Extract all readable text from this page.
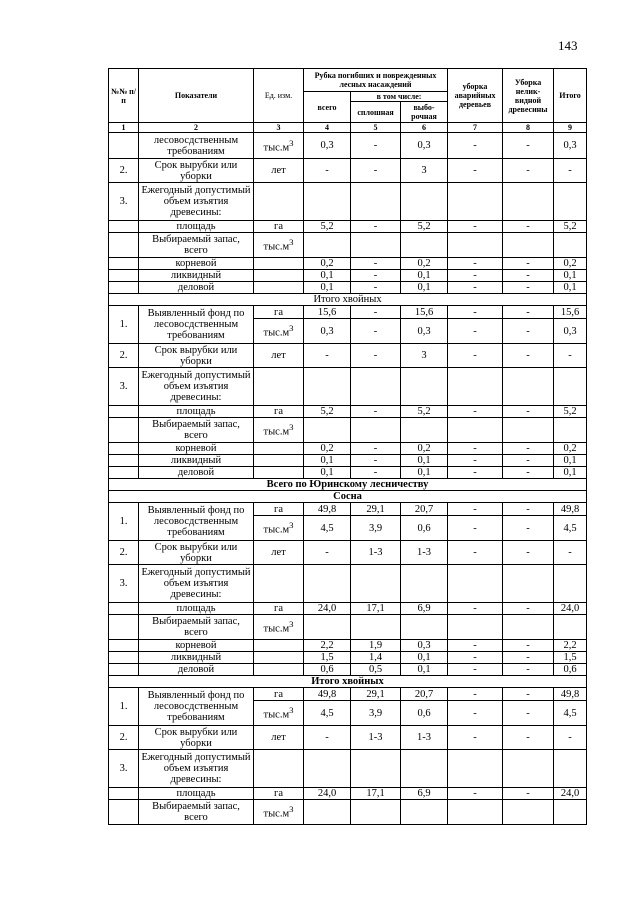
143
№№ п/п	Показатели	Ед. изм.	Рубка погибших и поврежденных лесных насаждений			уборка аварийных деревьев	Уборка нелик- видной древесины	Итого
			всего	в том числе:				
				сплошная	выбо- рочная			
1	2	3	4	5	6	7	8	9
	лесовосдственным требованиям	$тыс.м^3$	0,3	-	0,3	-	-	0,3
2.	Срок вырубки или уборки	лет	-	-	3	-	-	-
3.	Ежегодный допустимый объем изъятия древесины:							
	площадь	га	5,2	-	5,2	-	-	5,2
	Выбираемый запас, всего	$тыс.м^3$						
	корневой		0,2	-	0,2	-	-	0,2
	ликвидный		0,1	-	0,1	-	-	0,1
	деловой		0,1	-	0,1	-	-	0,1
Итого хвойных								
1.	Выявленный фонд по лесовосдственным требованиям	га	15,6	-	15,6	-	-	15,6
		$тыс.м^3$	0,3	-	0,3	-	-	0,3
2.	Срок вырубки или уборки	лет	-	-	3	-	-	-
3.	Ежегодный допустимый объем изъятия древесины:							
	площадь	га	5,2	-	5,2	-	-	5,2
	Выбираемый запас, всего	$тыс.м^3$						
	корневой		0,2	-	0,2	-	-	0,2
	ликвидный		0,1	-	0,1	-	-	0,1
	деловой		0,1	-	0,1	-	-	0,1
Всего по Юринскому лесничеству								
Сосна								
1.	Выявленный фонд по лесовосдственным требованиям	га	49,8	29,1	20,7	-	-	49,8
		$тыс.м^3$	4,5	3,9	0,6	-	-	4,5
2.	Срок вырубки или уборки	лет	-	1-3	1-3	-	-	-
3.	Ежегодный допустимый объем изъятия древесины:							
	площадь	га	24,0	17,1	6,9	-	-	24,0
	Выбираемый запас, всего	$тыс.м^3$						
	корневой		2,2	1,9	0,3	-	-	2,2
	ликвидный		1,5	1,4	0,1	-	-	1,5
	деловой		0,6	0,5	0,1	-	-	0,6
Итого хвойных								
1.	Выявленный фонд по лесовосдственным требованиям	га	49,8	29,1	20,7	-	-	49,8
		$тыс.м^3$	4,5	3,9	0,6	-	-	4,5
2.	Срок вырубки или уборки	лет	-	1-3	1-3	-	-	-
3.	Ежегодный допустимый объем изъятия древесины:							
	площадь	га	24,0	17,1	6,9	-	-	24,0
	Выбираемый запас, всего	$тыс.м^3$						
